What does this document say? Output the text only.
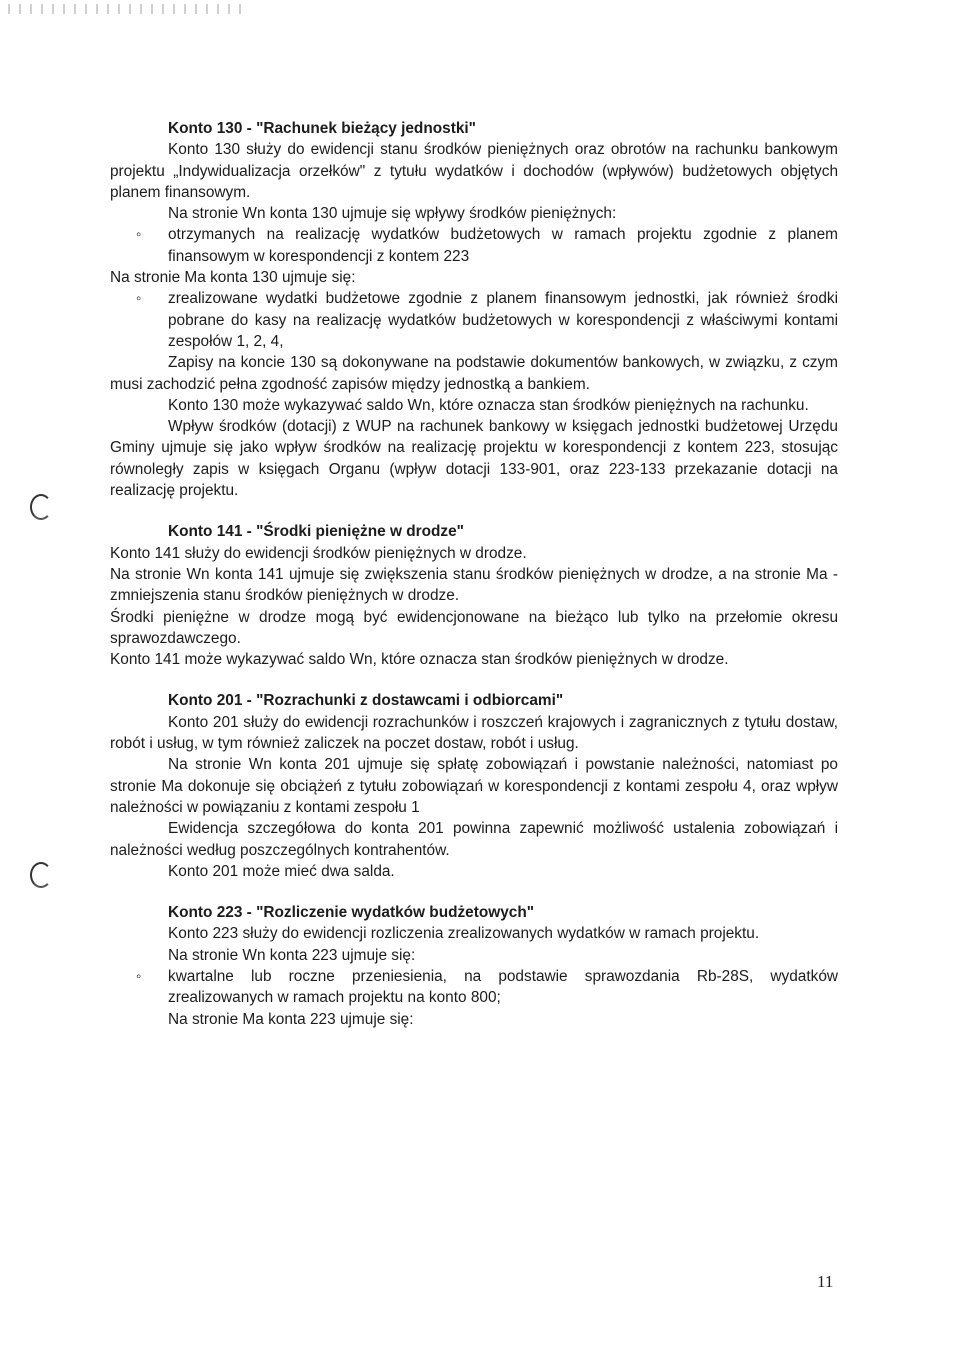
Konto 130 - "Rachunek bieżący jednostki"

Konto 130 służy do ewidencji stanu środków pieniężnych oraz obrotów na rachunku bankowym projektu „Indywidualizacja orzełków" z tytułu wydatków i dochodów (wpływów) budżetowych objętych planem finansowym.

Na stronie Wn konta 130 ujmuje się wpływy środków pieniężnych:

◦ otrzymanych na realizację wydatków budżetowych w ramach projektu zgodnie z planem finansowym w korespondencji z kontem 223

Na stronie Ma konta 130 ujmuje się:

◦ zrealizowane wydatki budżetowe zgodnie z planem finansowym jednostki, jak również środki pobrane do kasy na realizację wydatków budżetowych w korespondencji z właściwymi kontami zespołów 1, 2, 4,

Zapisy na koncie 130 są dokonywane na podstawie dokumentów bankowych, w związku, z czym musi zachodzić pełna zgodność zapisów między jednostką a bankiem.

Konto 130 może wykazywać saldo Wn, które oznacza stan środków pieniężnych na rachunku.

Wpływ środków (dotacji) z WUP na rachunek bankowy w księgach jednostki budżetowej Urzędu Gminy ujmuje się jako wpływ środków na realizację projektu w korespondencji z kontem 223, stosując równoległy zapis w księgach Organu (wpływ dotacji 133-901, oraz 223-133 przekazanie dotacji na realizację projektu.

Konto 141 - "Środki pieniężne w drodze"

Konto 141 służy do ewidencji środków pieniężnych w drodze.

Na stronie Wn konta 141 ujmuje się zwiększenia stanu środków pieniężnych w drodze, a na stronie Ma - zmniejszenia stanu środków pieniężnych w drodze.

Środki pieniężne w drodze mogą być ewidencjonowane na bieżąco lub tylko na przełomie okresu sprawozdawczego.

Konto 141 może wykazywać saldo Wn, które oznacza stan środków pieniężnych w drodze.

Konto 201 - "Rozrachunki z dostawcami i odbiorcami"

Konto 201 służy do ewidencji rozrachunków i roszczeń krajowych i zagranicznych z tytułu dostaw, robót i usług, w tym również zaliczek na poczet dostaw, robót i usług.

Na stronie Wn konta 201 ujmuje się spłatę zobowiązań i powstanie należności, natomiast po stronie Ma dokonuje się obciążeń z tytułu zobowiązań w korespondencji z kontami zespołu 4, oraz wpływ należności w powiązaniu z kontami zespołu 1

Ewidencja szczegółowa do konta 201 powinna zapewnić możliwość ustalenia zobowiązań i należności według poszczególnych kontrahentów.

Konto 201 może mieć dwa salda.

Konto 223 - "Rozliczenie wydatków budżetowych"

Konto 223 służy do ewidencji rozliczenia zrealizowanych wydatków w ramach projektu.

Na stronie Wn konta 223 ujmuje się:

◦ kwartalne lub roczne przeniesienia, na podstawie sprawozdania Rb-28S, wydatków zrealizowanych w ramach projektu na konto 800;

Na stronie Ma konta 223 ujmuje się:

11
